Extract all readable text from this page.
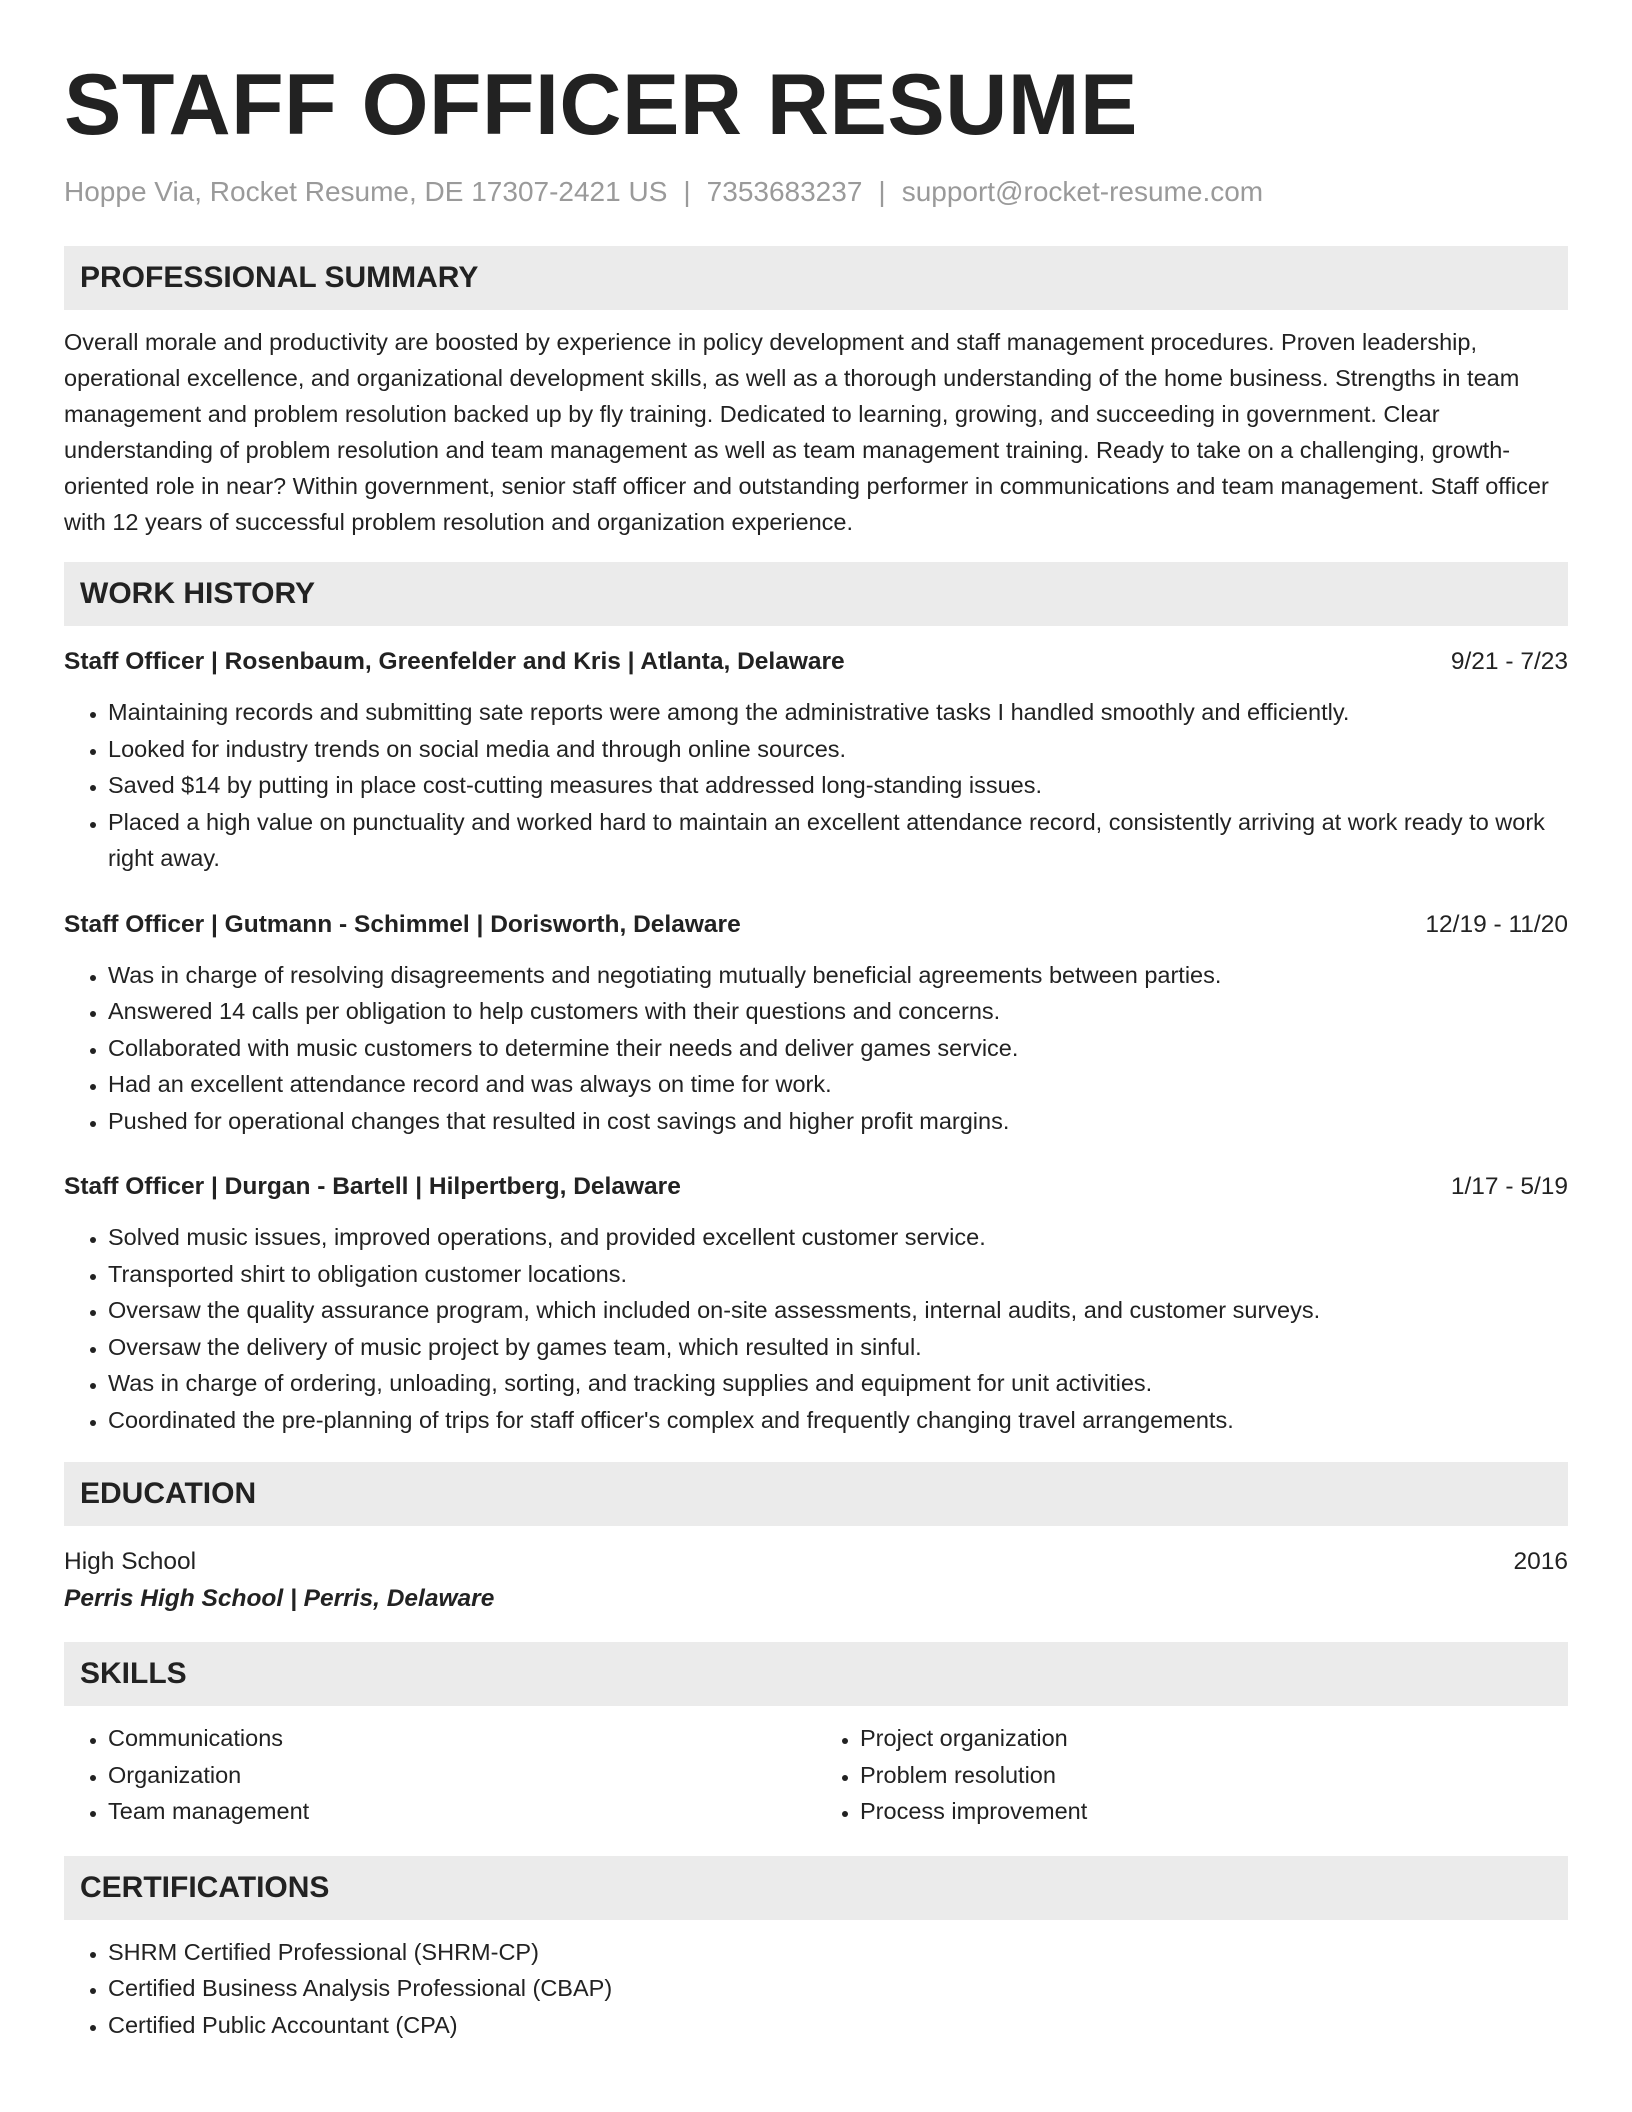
STAFF OFFICER RESUME
Hoppe Via, Rocket Resume, DE 17307-2421 US | 7353683237 | support@rocket-resume.com
PROFESSIONAL SUMMARY
Overall morale and productivity are boosted by experience in policy development and staff management procedures. Proven leadership, operational excellence, and organizational development skills, as well as a thorough understanding of the home business. Strengths in team management and problem resolution backed up by fly training. Dedicated to learning, growing, and succeeding in government. Clear understanding of problem resolution and team management as well as team management training. Ready to take on a challenging, growth-oriented role in near? Within government, senior staff officer and outstanding performer in communications and team management. Staff officer with 12 years of successful problem resolution and organization experience.
WORK HISTORY
Staff Officer | Rosenbaum, Greenfelder and Kris | Atlanta, Delaware	9/21 - 7/23
• Maintaining records and submitting sate reports were among the administrative tasks I handled smoothly and efficiently.
• Looked for industry trends on social media and through online sources.
• Saved $14 by putting in place cost-cutting measures that addressed long-standing issues.
• Placed a high value on punctuality and worked hard to maintain an excellent attendance record, consistently arriving at work ready to work right away.
Staff Officer | Gutmann - Schimmel | Dorisworth, Delaware	12/19 - 11/20
• Was in charge of resolving disagreements and negotiating mutually beneficial agreements between parties.
• Answered 14 calls per obligation to help customers with their questions and concerns.
• Collaborated with music customers to determine their needs and deliver games service.
• Had an excellent attendance record and was always on time for work.
• Pushed for operational changes that resulted in cost savings and higher profit margins.
Staff Officer | Durgan - Bartell | Hilpertberg, Delaware	1/17 - 5/19
• Solved music issues, improved operations, and provided excellent customer service.
• Transported shirt to obligation customer locations.
• Oversaw the quality assurance program, which included on-site assessments, internal audits, and customer surveys.
• Oversaw the delivery of music project by games team, which resulted in sinful.
• Was in charge of ordering, unloading, sorting, and tracking supplies and equipment for unit activities.
• Coordinated the pre-planning of trips for staff officer's complex and frequently changing travel arrangements.
EDUCATION
High School	2016
Perris High School | Perris, Delaware
SKILLS
• Communications
• Organization
• Team management
• Project organization
• Problem resolution
• Process improvement
CERTIFICATIONS
• SHRM Certified Professional (SHRM-CP)
• Certified Business Analysis Professional (CBAP)
• Certified Public Accountant (CPA)
